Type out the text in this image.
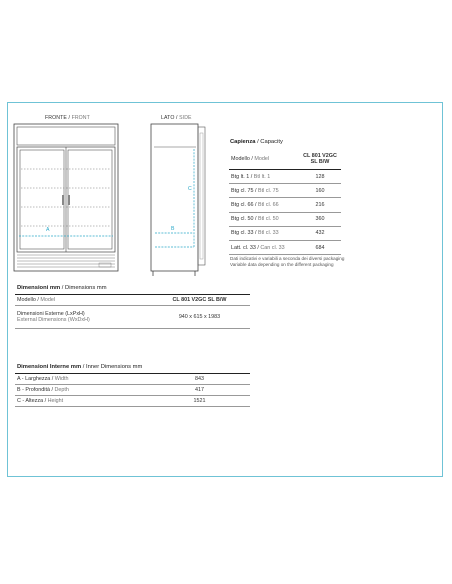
FRONTE / FRONT	LATO / SIDE
A	B
C
Capienza / Capacity
Modello / Model	CL 801 V2GC
SL B/W
Btg lt. 1 / Btl lt. 1	128
Btg cl. 75 / Btl cl. 75	160
Btg cl. 66 / Btl cl. 66	216
Btg cl. 50 / Btl cl. 50	360
Btg cl. 33 / Btl cl. 33	432
Latt. cl. 33 / Can cl. 33	684
Dati indicativi e variabili a seconda dei diversi packaging
Variable data depending on the different packaging
Dimensioni mm / Dimensions mm
Modello / Model	CL 801 V2GC SL B/W
Dimensioni Esterne (LxPxH)
External Dimensions (WxDxH)	940 x 615 x 1983
Dimensioni Interne mm / Inner Dimensions mm
A - Larghezza / Width	843
B - Profondità / Depth	417
C - Altezza / Height	1521
